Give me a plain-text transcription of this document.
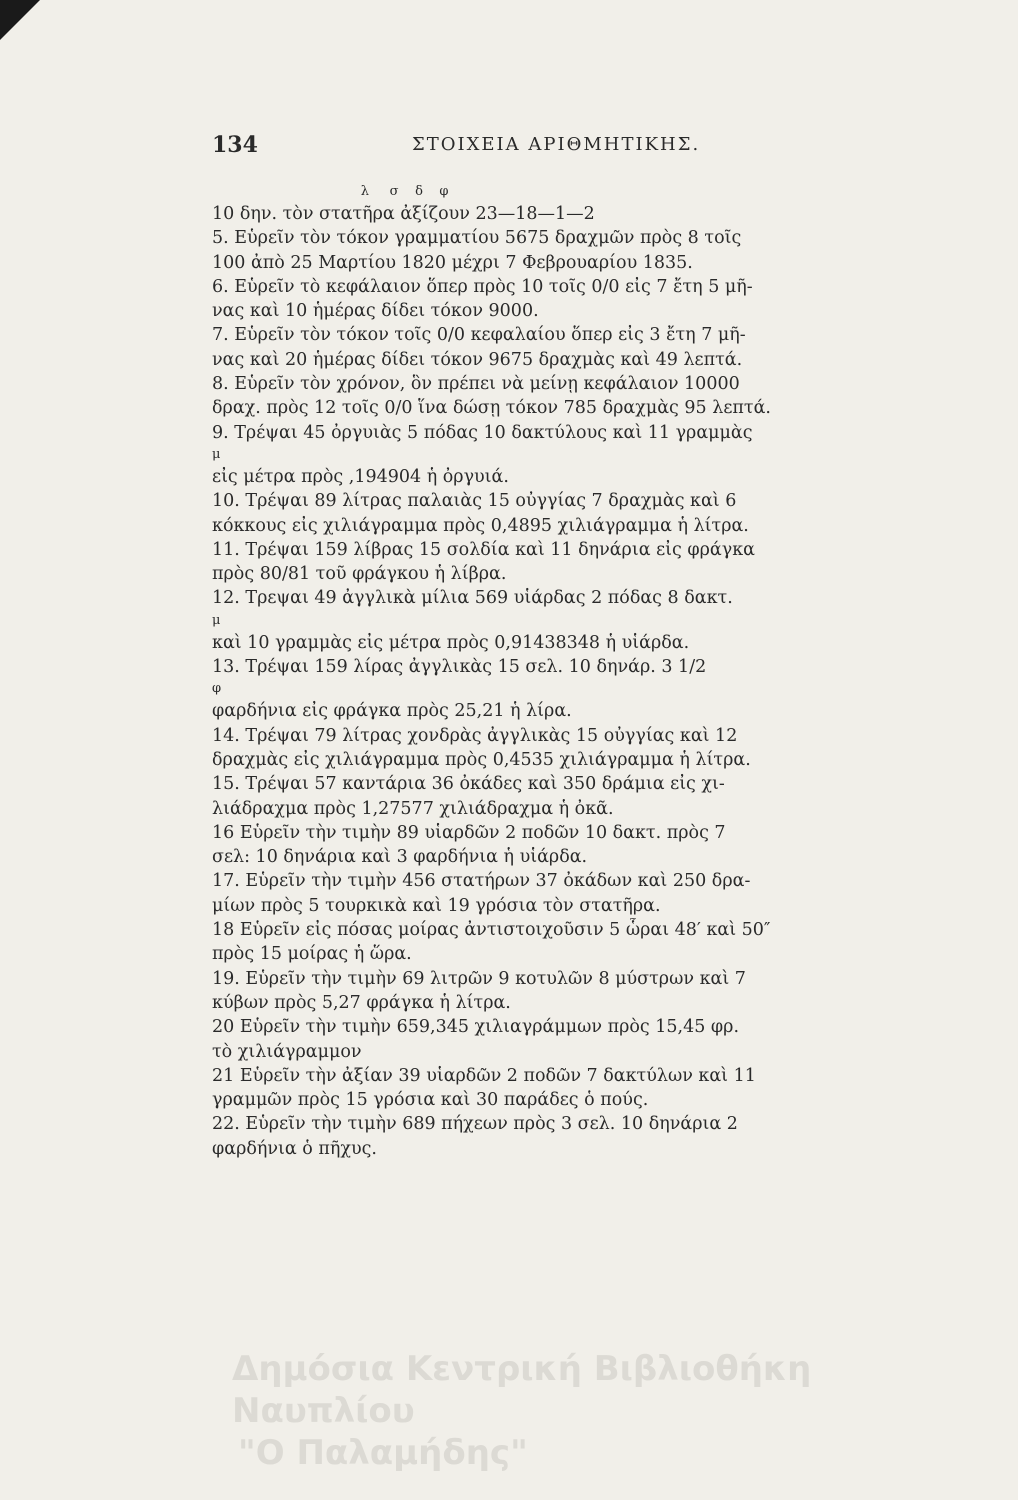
134	ΣΤΟΙΧΕΙΑ ΑΡΙΘΜΗΤΙΚΗΣ.
λ     σ    δ    φ
10 δην. τὸν στατῆρα ἀξίζουν 23—18—1—2
5. Εὑρεῖν τὸν τόκον γραμματίου 5675 δραχμῶν πρὸς 8 τοῖς
100 ἀπὸ 25 Μαρτίου 1820 μέχρι 7 Φεβρουαρίου 1835.
6. Εὑρεῖν τὸ κεφάλαιον ὅπερ πρὸς 10 τοῖς 0/0 εἰς 7 ἔτη 5 μῆ-
νας καὶ 10 ἡμέρας δίδει τόκον 9000.
7. Εὑρεῖν τὸν τόκον τοῖς 0/0 κεφαλαίου ὅπερ εἰς 3 ἔτη 7 μῆ-
νας καὶ 20 ἡμέρας δίδει τόκον 9675 δραχμὰς καὶ 49 λεπτά.
8. Εὑρεῖν τὸν χρόνον, ὃν πρέπει νὰ μείνῃ κεφάλαιον 10000
δραχ. πρὸς 12 τοῖς 0/0 ἵνα δώσῃ τόκον 785 δραχμὰς 95 λεπτά.
9. Τρέψαι 45 ὀργυιὰς 5 πόδας 10 δακτύλους καὶ 11 γραμμὰς
μ
εἰς μέτρα πρὸς ,194904 ἡ ὀργυιά.
10. Τρέψαι 89 λίτρας παλαιὰς 15 οὐγγίας 7 δραχμὰς καὶ 6
κόκκους εἰς χιλιάγραμμα πρὸς 0,4895 χιλιάγραμμα ἡ λίτρα.
11. Τρέψαι 159 λίβρας 15 σολδία καὶ 11 δηνάρια εἰς φράγκα
πρὸς 80/81 τοῦ φράγκου ἡ λίβρα.
12. Τρεψαι 49 ἀγγλικὰ μίλια 569 υἱάρδας 2 πόδας 8 δακτ.
μ
καὶ 10 γραμμὰς εἰς μέτρα πρὸς 0,91438348 ἡ υἱάρδα.
13. Τρέψαι 159 λίρας ἀγγλικὰς 15 σελ. 10 δηνάρ. 3 1/2
φ
φαρδήνια εἰς φράγκα πρὸς 25,21 ἡ λίρα.
14. Τρέψαι 79 λίτρας χονδρὰς ἀγγλικὰς 15 οὐγγίας καὶ 12
δραχμὰς εἰς χιλιάγραμμα πρὸς 0,4535 χιλιάγραμμα ἡ λίτρα.
15. Τρέψαι 57 καντάρια 36 ὀκάδες καὶ 350 δράμια εἰς χι-
λιάδραχμα πρὸς 1,27577 χιλιάδραχμα ἡ ὀκᾶ.
16 Εὑρεῖν τὴν τιμὴν 89 υἱαρδῶν 2 ποδῶν 10 δακτ. πρὸς 7
σελ: 10 δηνάρια καὶ 3 φαρδήνια ἡ υἱάρδα.
17. Εὑρεῖν τὴν τιμὴν 456 στατήρων 37 ὀκάδων καὶ 250 δρα-
μίων πρὸς 5 τουρκικὰ καὶ 19 γρόσια τὸν στατῆρα.
18 Εὑρεῖν εἰς πόσας μοίρας ἀντιστοιχοῦσιν 5 ὧραι 48′ καὶ 50″
πρὸς 15 μοίρας ἡ ὥρα.
19. Εὑρεῖν τὴν τιμὴν 69 λιτρῶν 9 κοτυλῶν 8 μύστρων καὶ 7
κύβων πρὸς 5,27 φράγκα ἡ λίτρα.
20 Εὑρεῖν τὴν τιμὴν 659,345 χιλιαγράμμων πρὸς 15,45 φρ.
τὸ χιλιάγραμμον
21 Εὑρεῖν τὴν ἀξίαν 39 υἱαρδῶν 2 ποδῶν 7 δακτύλων καὶ 11
γραμμῶν πρὸς 15 γρόσια καὶ 30 παράδες ὁ πούς.
22. Εὑρεῖν τὴν τιμὴν 689 πήχεων πρὸς 3 σελ. 10 δηνάρια 2
φαρδήνια ὁ πῆχυς.
Δημόσια Κεντρική Βιβλιοθήκη Ναυπλίου
"Ο Παλαμήδης"
